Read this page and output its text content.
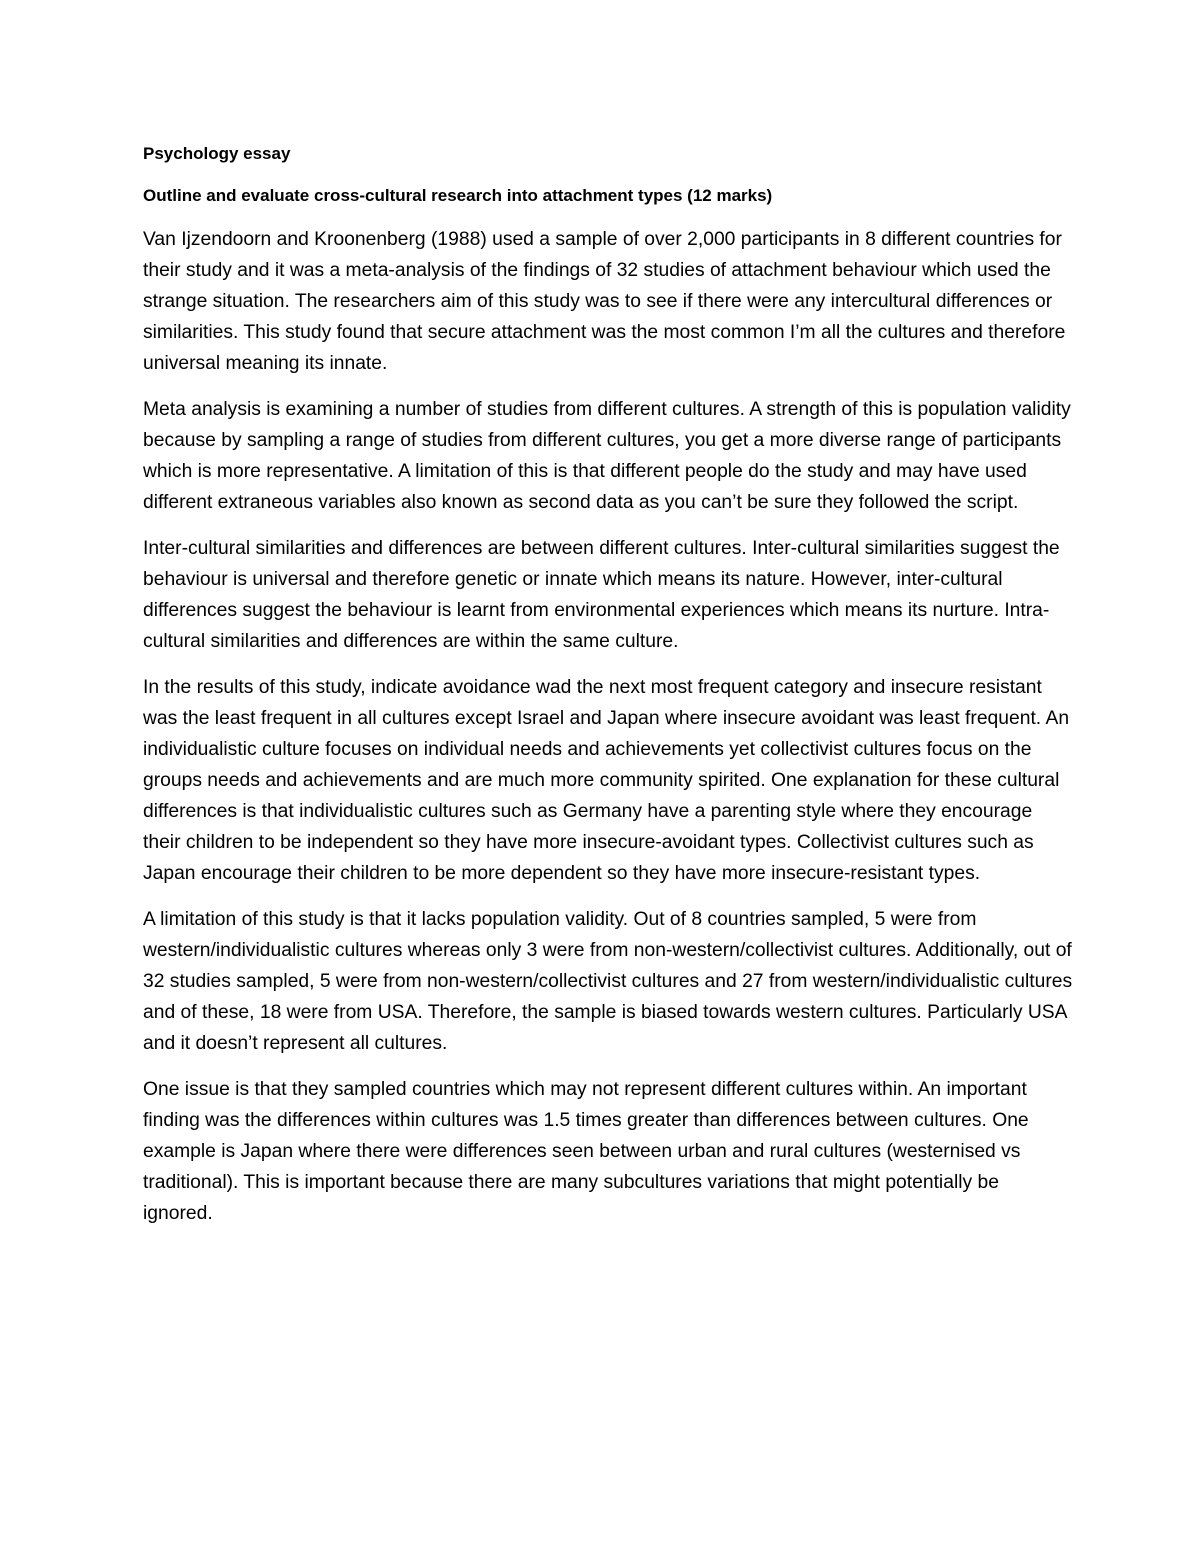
Psychology essay
Outline and evaluate cross-cultural research into attachment types (12 marks)

Van Ijzendoorn and Kroonenberg (1988) used a sample of over 2,000 participants in 8 different countries for their study and it was a meta-analysis of the findings of 32 studies of attachment behaviour which used the strange situation. The researchers aim of this study was to see if there were any intercultural differences or similarities. This study found that secure attachment was the most common I’m all the cultures and therefore universal meaning its innate.

Meta analysis is examining a number of studies from different cultures. A strength of this is population validity because by sampling a range of studies from different cultures, you get a more diverse range of participants which is more representative. A limitation of this is that different people do the study and may have used different extraneous variables also known as second data as you can’t be sure they followed the script.

Inter-cultural similarities and differences are between different cultures. Inter-cultural similarities suggest the behaviour is universal and therefore genetic or innate which means its nature. However, inter-cultural differences suggest the behaviour is learnt from environmental experiences which means its nurture. Intra-cultural similarities and differences are within the same culture.

In the results of this study, indicate avoidance wad the next most frequent category and insecure resistant was the least frequent in all cultures except Israel and Japan where insecure avoidant was least frequent. An individualistic culture focuses on individual needs and achievements yet collectivist cultures focus on the groups needs and achievements and are much more community spirited. One explanation for these cultural differences is that individualistic cultures such as Germany have a parenting style where they encourage their children to be independent so they have more insecure-avoidant types. Collectivist cultures such as Japan encourage their children to be more dependent so they have more insecure-resistant types.

A limitation of this study is that it lacks population validity. Out of 8 countries sampled, 5 were from western/individualistic cultures whereas only 3 were from non-western/collectivist cultures. Additionally, out of 32 studies sampled, 5 were from non-western/collectivist cultures and 27 from western/individualistic cultures and of these, 18 were from USA. Therefore, the sample is biased towards western cultures. Particularly USA and it doesn’t represent all cultures.

One issue is that they sampled countries which may not represent different cultures within. An important finding was the differences within cultures was 1.5 times greater than differences between cultures. One example is Japan where there were differences seen between urban and rural cultures (westernised vs traditional). This is important because there are many subcultures variations that might potentially be ignored.
